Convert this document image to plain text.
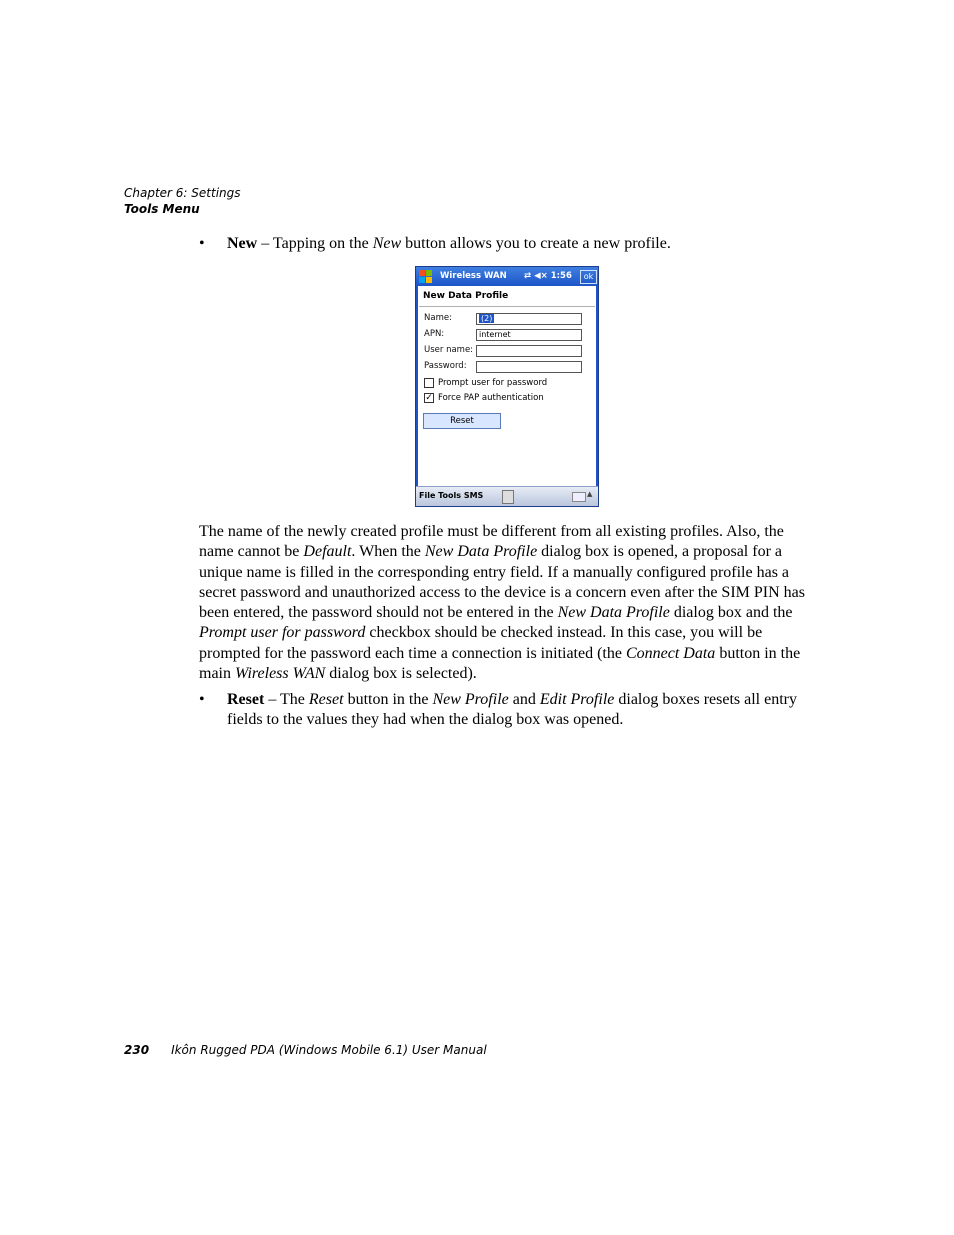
Chapter 6: Settings
Tools Menu
• New – Tapping on the New button allows you to create a new profile.
Wireless WAN ⇄ ◀× 1:56	ok
New Data Profile
Name:	(2)
APN:	internet
User name:
Password:
Prompt user for password
✓ Force PAP authentication
Reset
File Tools SMS	▲
The name of the newly created profile must be different from all existing profiles. Also, the name cannot be Default. When the New Data Profile dialog box is opened, a proposal for a unique name is filled in the corresponding entry field. If a manually configured profile has a secret password and unauthorized access to the device is a concern even after the SIM PIN has been entered, the password should not be entered in the New Data Profile dialog box and the Prompt user for password checkbox should be checked instead. In this case, you will be prompted for the password each time a connection is initiated (the Connect Data button in the main Wireless WAN dialog box is selected).
• Reset – The Reset button in the New Profile and Edit Profile dialog boxes resets all entry fields to the values they had when the dialog box was opened.
230 Ikôn Rugged PDA (Windows Mobile 6.1) User Manual
